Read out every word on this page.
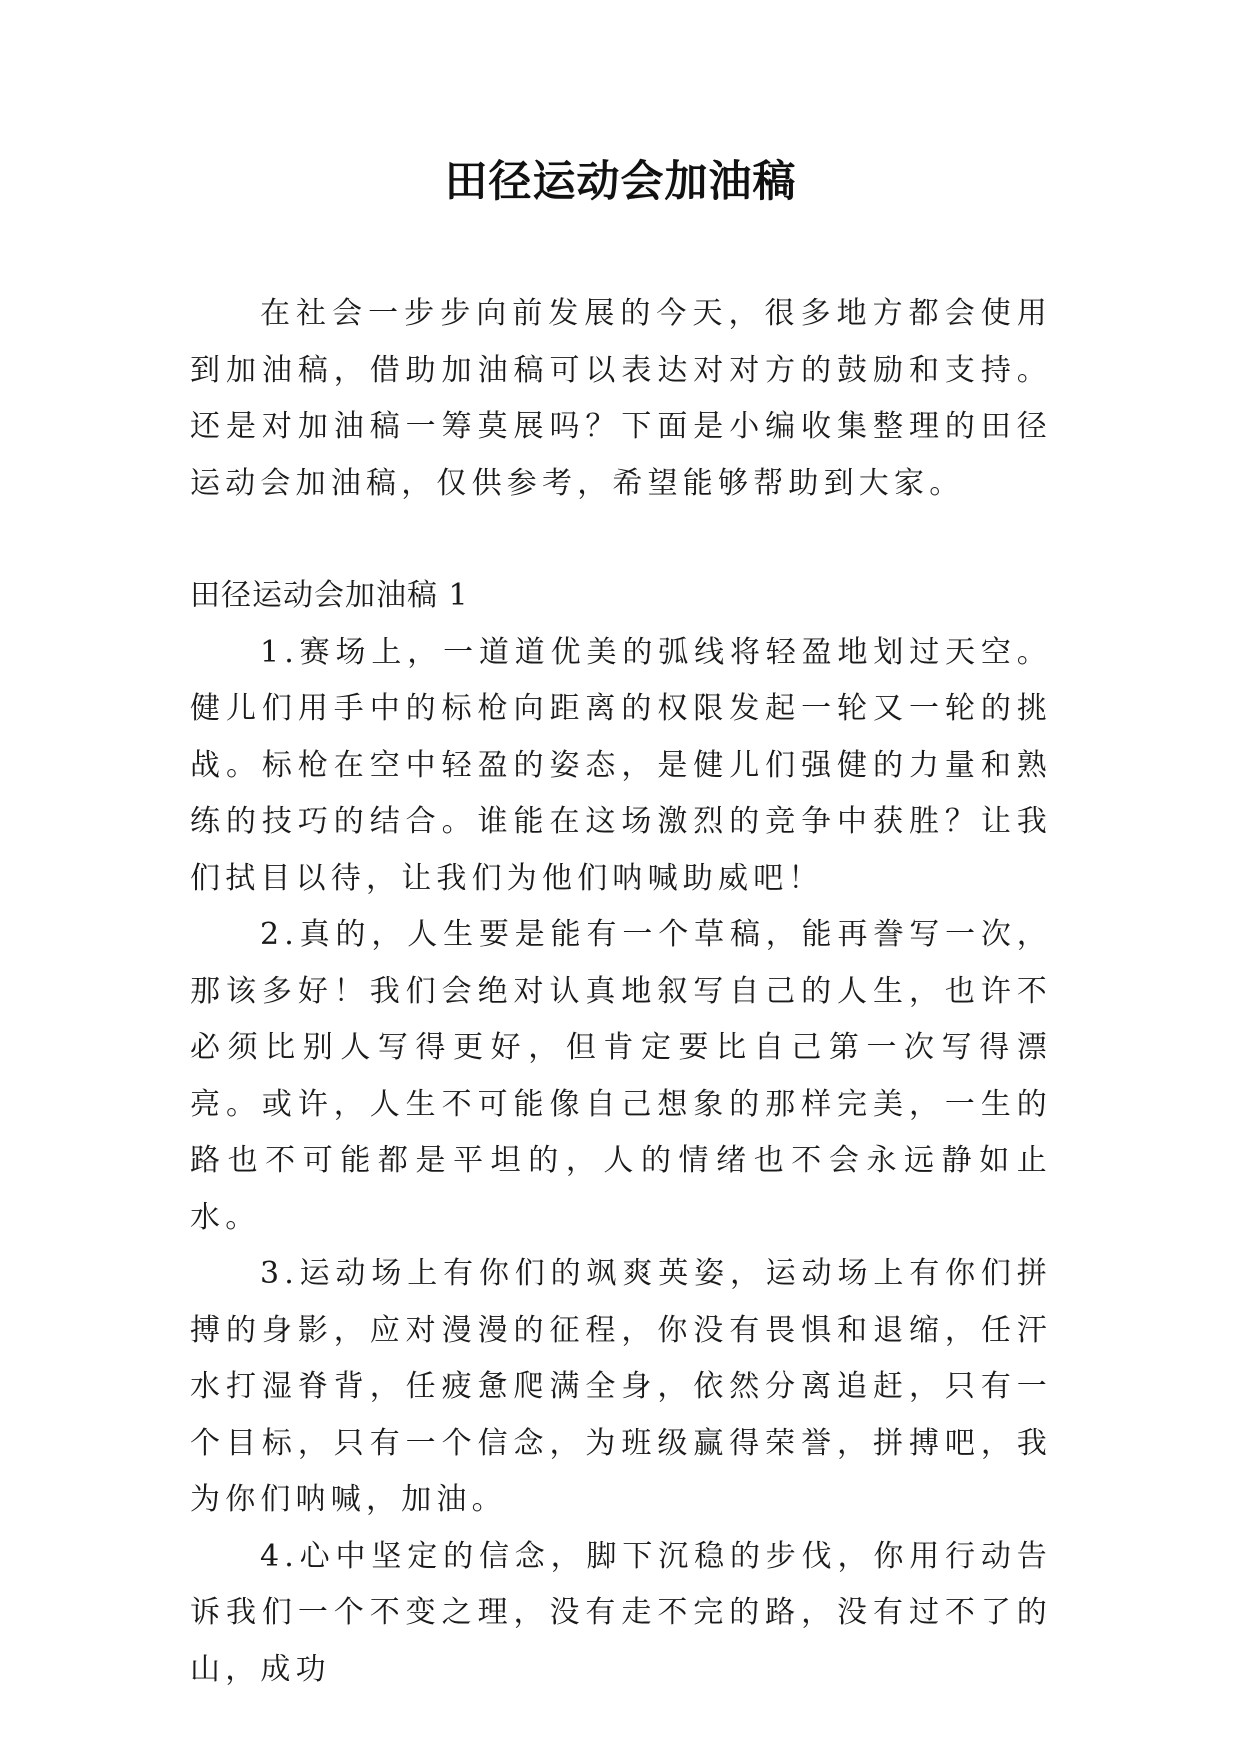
田径运动会加油稿

在社会一步步向前发展的今天，很多地方都会使用到加油稿，借助加油稿可以表达对对方的鼓励和支持。还是对加油稿一筹莫展吗？下面是小编收集整理的田径运动会加油稿，仅供参考，希望能够帮助到大家。

田径运动会加油稿 1

1.赛场上，一道道优美的弧线将轻盈地划过天空。健儿们用手中的标枪向距离的权限发起一轮又一轮的挑战。标枪在空中轻盈的姿态，是健儿们强健的力量和熟练的技巧的结合。谁能在这场激烈的竞争中获胜？让我们拭目以待，让我们为他们呐喊助威吧！

2.真的，人生要是能有一个草稿，能再誊写一次，那该多好！我们会绝对认真地叙写自己的人生，也许不必须比别人写得更好，但肯定要比自己第一次写得漂亮。或许，人生不可能像自己想象的那样完美，一生的路也不可能都是平坦的，人的情绪也不会永远静如止水。

3.运动场上有你们的飒爽英姿，运动场上有你们拼搏的身影，应对漫漫的征程，你没有畏惧和退缩，任汗水打湿脊背，任疲惫爬满全身，依然分离追赶，只有一个目标，只有一个信念，为班级赢得荣誉，拼搏吧，我为你们呐喊，加油。

4.心中坚定的信念，脚下沉稳的步伐，你用行动告诉我们一个不变之理，没有走不完的路，没有过不了的山，成功
